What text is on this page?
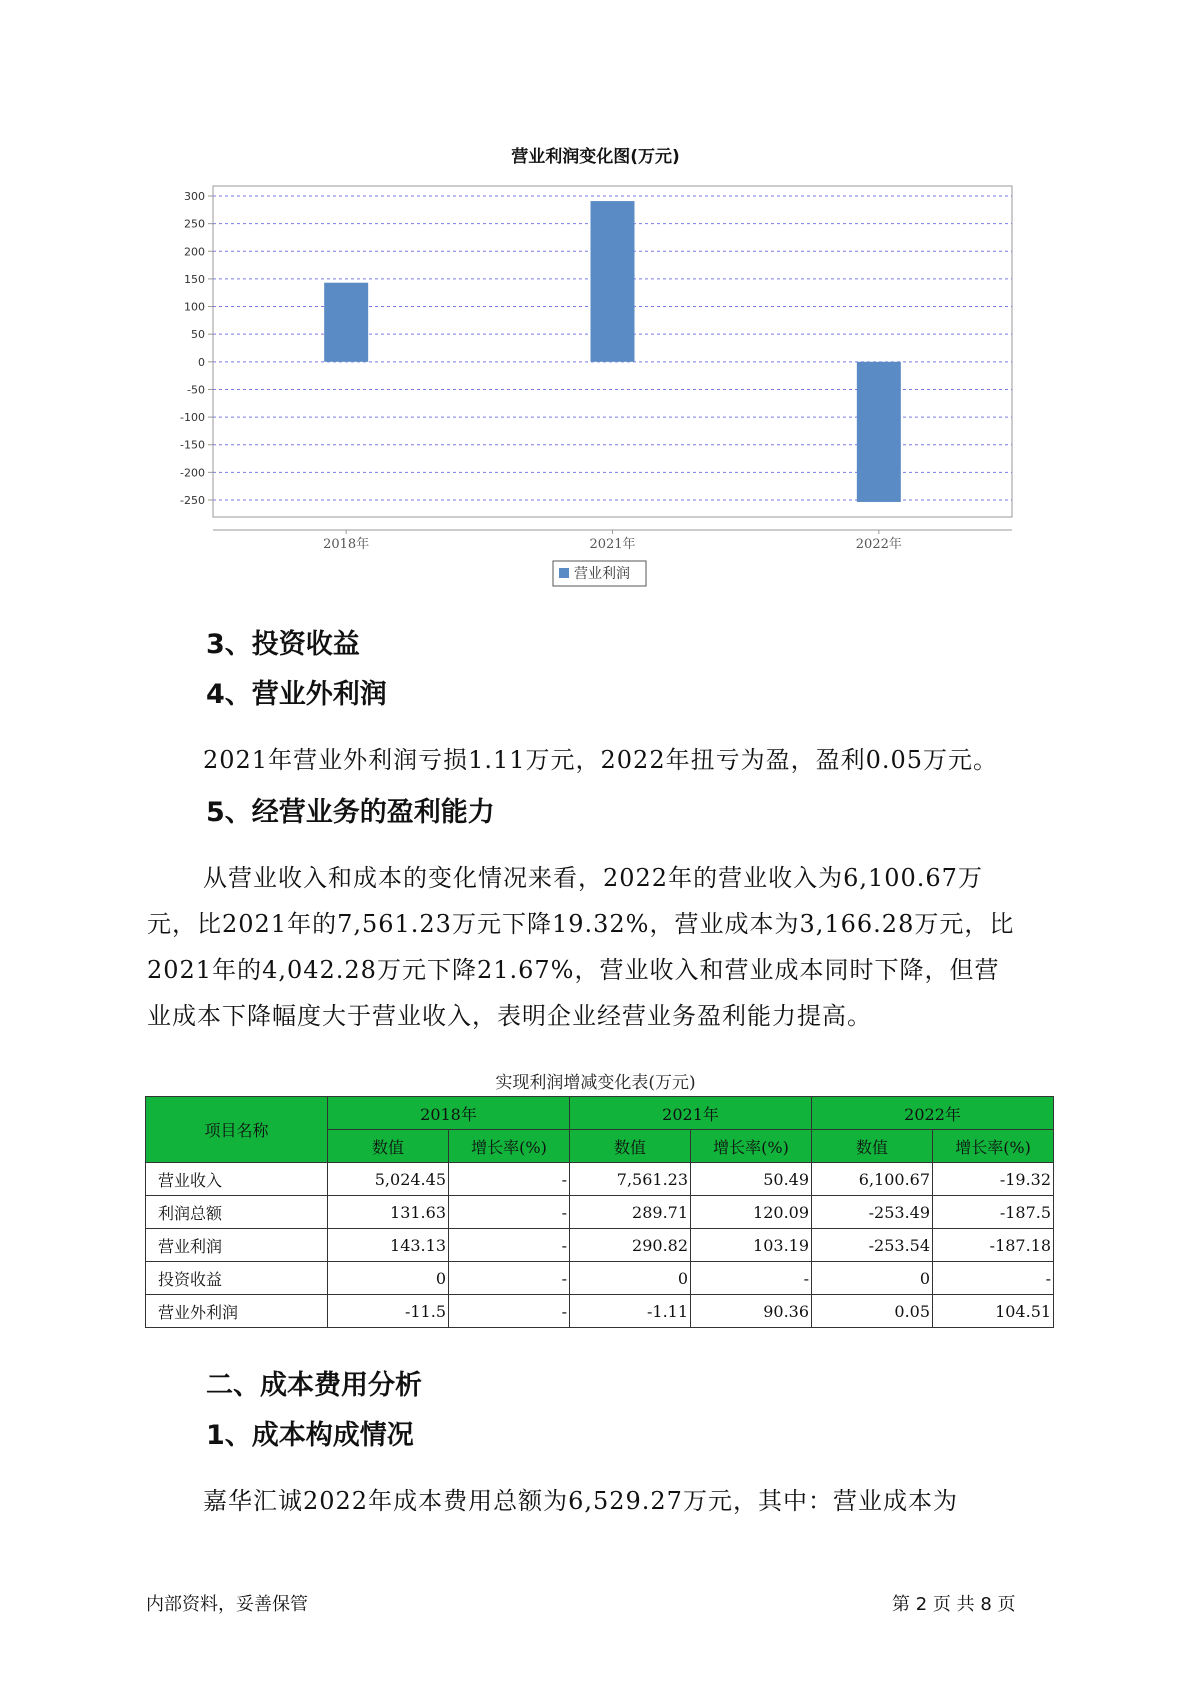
营业利润变化图(万元)
300
250
200
150
100
50
0
-50
-100
-150
-200
-250
2018年	2021年	2022年
营业利润
3、投资收益
4、营业外利润
2021年营业外利润亏损1.11万元，2022年扭亏为盈，盈利0.05万元。
5、经营业务的盈利能力
从营业收入和成本的变化情况来看，2022年的营业收入为6,100.67万
元，比2021年的7,561.23万元下降19.32%，营业成本为3,166.28万元，比
2021年的4,042.28万元下降21.67%，营业收入和营业成本同时下降，但营
业成本下降幅度大于营业收入，表明企业经营业务盈利能力提高。
实现利润增减变化表(万元)
项目名称	2018年		2021年		2022年	
	数值	增长率(%)	数值	增长率(%)	数值	增长率(%)
营业收入	5,024.45	-	7,561.23	50.49	6,100.67	-19.32
利润总额	131.63	-	289.71	120.09	-253.49	-187.5
营业利润	143.13	-	290.82	103.19	-253.54	-187.18
投资收益	0	-	0	-	0	-
营业外利润	-11.5	-	-1.11	90.36	0.05	104.51
二、成本费用分析
1、成本构成情况
嘉华汇诚2022年成本费用总额为6,529.27万元，其中：营业成本为
内部资料，妥善保管	第 2 页 共 8 页
